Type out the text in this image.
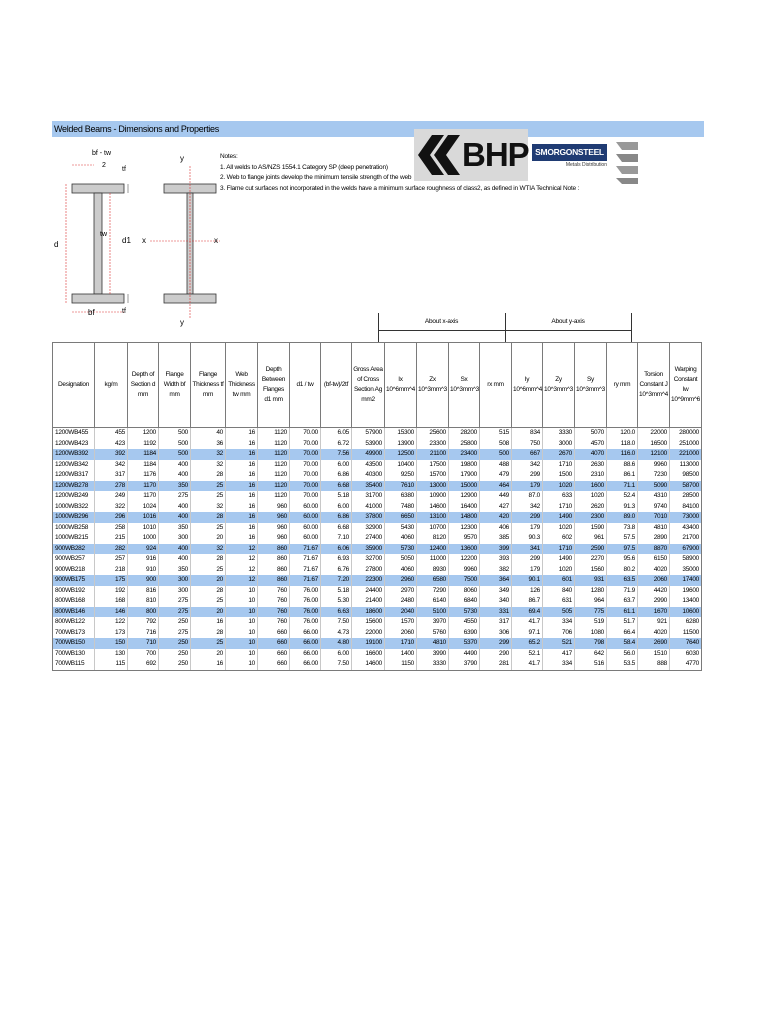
Welded Beams - Dimensions and Properties
bf - tw
2
tf
tw
d	d1
bf	tf
y
y
x	x
Notes:
1. All welds to AS/NZS 1554.1 Category SP (deep penetration)
2. Web to flange joints develop the minimum tensile strength of the web
3. Flame cut surfaces not incorporated in the welds have a minimum surface roughness of class2, as defined in WTIA Technical Note :
BHP SMORGONSTEEL
Metals Distribution
About x-axis	About y-axis
Designation	kg/m	Depth of Section d mm	Flange Width bf mm	Flange Thickness tf mm	Web Thickness tw mm	Depth Between Flanges d1 mm	d1 / tw	(bf-tw)/2tf	Gross Area of Cross Section Ag mm2	Ix 10^6mm^4	Zx 10^3mm^3	Sx 10^3mm^3	rx mm	Iy 10^6mm^4	Zy 10^3mm^3	Sy 10^3mm^3	ry mm	Torsion Constant J 10^3mm^4	Warping Constant Iw 10^9mm^6
1200WB455	455	1200	500	40	16	1120	70.00	6.05	57900	15300	25600	28200	515	834	3330	5070	120.0	22000	280000
1200WB423	423	1192	500	36	16	1120	70.00	6.72	53900	13900	23300	25800	508	750	3000	4570	118.0	16500	251000
1200WB392	392	1184	500	32	16	1120	70.00	7.56	49900	12500	21100	23400	500	667	2670	4070	116.0	12100	221000
1200WB342	342	1184	400	32	16	1120	70.00	6.00	43500	10400	17500	19800	488	342	1710	2630	88.6	9960	113000
1200WB317	317	1176	400	28	16	1120	70.00	6.86	40300	9250	15700	17900	479	299	1500	2310	86.1	7230	98500
1200WB278	278	1170	350	25	16	1120	70.00	6.68	35400	7610	13000	15000	464	179	1020	1600	71.1	5090	58700
1200WB249	249	1170	275	25	16	1120	70.00	5.18	31700	6380	10900	12900	449	87.0	633	1020	52.4	4310	28500
1000WB322	322	1024	400	32	16	960	60.00	6.00	41000	7480	14600	16400	427	342	1710	2620	91.3	9740	84100
1000WB296	296	1016	400	28	16	960	60.00	6.86	37800	6650	13100	14800	420	299	1490	2300	89.0	7010	73000
1000WB258	258	1010	350	25	16	960	60.00	6.68	32900	5430	10700	12300	406	179	1020	1590	73.8	4810	43400
1000WB215	215	1000	300	20	16	960	60.00	7.10	27400	4060	8120	9570	385	90.3	602	961	57.5	2890	21700
900WB282	282	924	400	32	12	860	71.67	6.06	35900	5730	12400	13600	399	341	1710	2590	97.5	8870	67900
900WB257	257	916	400	28	12	860	71.67	6.93	32700	5050	11000	12200	393	299	1490	2270	95.6	6150	58900
900WB218	218	910	350	25	12	860	71.67	6.76	27800	4060	8930	9960	382	179	1020	1560	80.2	4020	35000
900WB175	175	900	300	20	12	860	71.67	7.20	22300	2960	6580	7500	364	90.1	601	931	63.5	2060	17400
800WB192	192	816	300	28	10	760	76.00	5.18	24400	2970	7290	8060	349	126	840	1280	71.9	4420	19600
800WB168	168	810	275	25	10	760	76.00	5.30	21400	2480	6140	6840	340	86.7	631	964	63.7	2990	13400
800WB146	146	800	275	20	10	760	76.00	6.63	18600	2040	5100	5730	331	69.4	505	775	61.1	1670	10600
800WB122	122	792	250	16	10	760	76.00	7.50	15600	1570	3970	4550	317	41.7	334	519	51.7	921	6280
700WB173	173	716	275	28	10	660	66.00	4.73	22000	2060	5760	6390	306	97.1	706	1080	66.4	4020	11500
700WB150	150	710	250	25	10	660	66.00	4.80	19100	1710	4810	5370	299	65.2	521	798	58.4	2690	7640
700WB130	130	700	250	20	10	660	66.00	6.00	16600	1400	3990	4490	290	52.1	417	642	56.0	1510	6030
700WB115	115	692	250	16	10	660	66.00	7.50	14600	1150	3330	3790	281	41.7	334	516	53.5	888	4770
